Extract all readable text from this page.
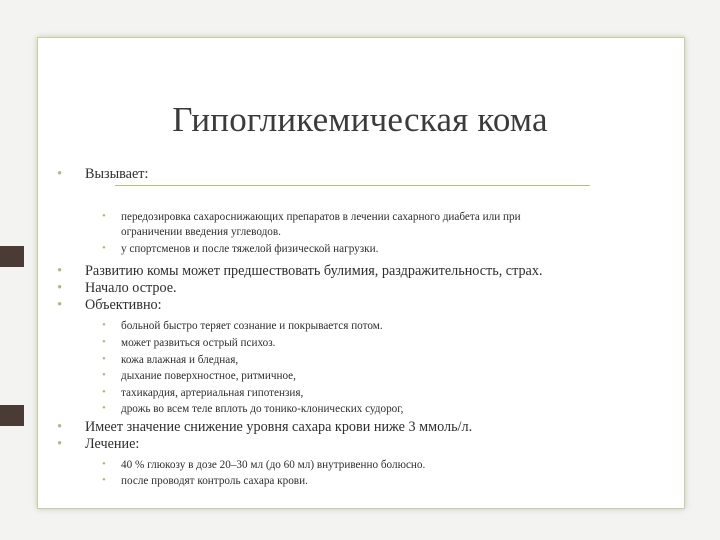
Гипогликемическая кома
• Вызывает:
• передозировка сахароснижающих препаратов в лечении сахарного диабета или при
ограничении введения углеводов.
• у спортсменов и после тяжелой физической нагрузки.
• Развитию комы может предшествовать булимия, раздражительность, страх.
• Начало острое.
• Объективно:
• больной быстро теряет сознание и покрывается потом.
• может развиться острый психоз.
• кожа влажная и бледная,
• дыхание поверхностное, ритмичное,
• тахикардия, артериальная гипотензия,
• дрожь во всем теле вплоть до тонико-клонических судорог,
• Имеет значение снижение уровня сахара крови ниже 3 ммоль/л.
• Лечение:
• 40 % глюкозу в дозе 20–30 мл (до 60 мл) внутривенно болюсно.
• после проводят контроль сахара крови.
